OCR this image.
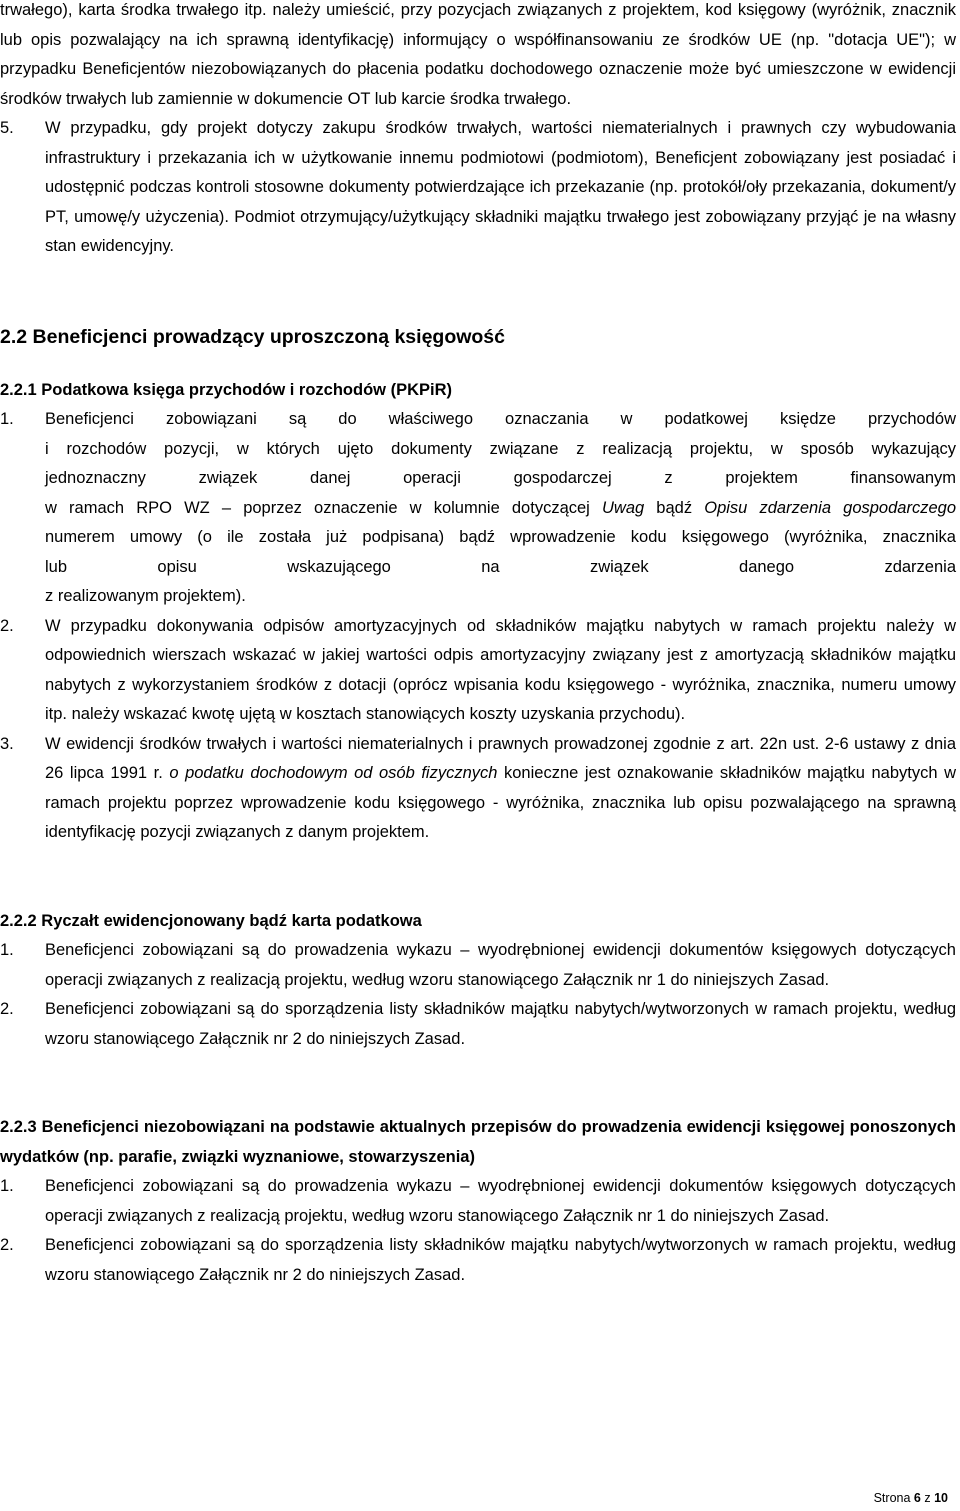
trwałego), karta środka trwałego itp. należy umieścić, przy pozycjach związanych z projektem, kod księgowy (wyróżnik, znacznik lub opis pozwalający na ich sprawną identyfikację) informujący o współfinansowaniu ze środków UE (np. "dotacja UE"); w przypadku Beneficjentów niezobowiązanych do płacenia podatku dochodowego oznaczenie może być umieszczone w ewidencji środków trwałych lub zamiennie w dokumencie OT lub karcie środka trwałego.

5.	W przypadku, gdy projekt dotyczy zakupu środków trwałych, wartości niematerialnych i prawnych czy wybudowania infrastruktury i przekazania ich w użytkowanie innemu podmiotowi (podmiotom), Beneficjent zobowiązany jest posiadać i udostępnić podczas kontroli stosowne dokumenty potwierdzające ich przekazanie (np. protokół/oły przekazania, dokument/y PT, umowę/y użyczenia). Podmiot otrzymujący/użytkujący składniki majątku trwałego jest zobowiązany przyjąć je na własny stan ewidencyjny.
2.2 Beneficjenci prowadzący uproszczoną księgowość
2.2.1 Podatkowa księga przychodów i rozchodów (PKPiR)
1.	Beneficjenci zobowiązani są do właściwego oznaczania w podatkowej księdze przychodów
i rozchodów pozycji, w których ujęto dokumenty związane z realizacją projektu, w sposób wykazujący
jednoznaczny związek danej operacji gospodarczej z projektem finansowanym
w ramach RPO WZ – poprzez oznaczenie w kolumnie dotyczącej Uwag bądź Opisu zdarzenia gospodarczego
numerem umowy (o ile została już podpisana) bądź wprowadzenie kodu księgowego (wyróżnika, znacznika
lub opisu wskazującego na związek danego zdarzenia
z realizowanym projektem).
2.	W przypadku dokonywania odpisów amortyzacyjnych od składników majątku nabytych w ramach projektu należy w odpowiednich wierszach wskazać w jakiej wartości odpis amortyzacyjny związany jest z amortyzacją składników majątku nabytych z wykorzystaniem środków z dotacji (oprócz wpisania kodu księgowego - wyróżnika, znacznika, numeru umowy itp. należy wskazać kwotę ujętą w kosztach stanowiących koszty uzyskania przychodu).
3.	W ewidencji środków trwałych i wartości niematerialnych i prawnych prowadzonej zgodnie z art. 22n ust. 2-6 ustawy z dnia 26 lipca 1991 r. o podatku dochodowym od osób fizycznych konieczne jest oznakowanie składników majątku nabytych w ramach projektu poprzez wprowadzenie kodu księgowego - wyróżnika, znacznika lub opisu pozwalającego na sprawną identyfikację pozycji związanych z danym projektem.
2.2.2 Ryczałt ewidencjonowany bądź karta podatkowa
1.	Beneficjenci zobowiązani są do prowadzenia wykazu – wyodrębnionej ewidencji dokumentów księgowych dotyczących operacji związanych z realizacją projektu, według wzoru stanowiącego Załącznik nr 1 do niniejszych Zasad.
2.	Beneficjenci zobowiązani są do sporządzenia listy składników majątku nabytych/wytworzonych w ramach projektu, według wzoru stanowiącego Załącznik nr 2 do niniejszych Zasad.
2.2.3 Beneficjenci niezobowiązani na podstawie aktualnych przepisów do prowadzenia ewidencji księgowej ponoszonych wydatków (np. parafie, związki wyznaniowe, stowarzyszenia)
1.	Beneficjenci zobowiązani są do prowadzenia wykazu – wyodrębnionej ewidencji dokumentów księgowych dotyczących operacji związanych z realizacją projektu, według wzoru stanowiącego Załącznik nr 1 do niniejszych Zasad.
2.	Beneficjenci zobowiązani są do sporządzenia listy składników majątku nabytych/wytworzonych w ramach projektu, według wzoru stanowiącego Załącznik nr 2 do niniejszych Zasad.
Strona 6 z 10
